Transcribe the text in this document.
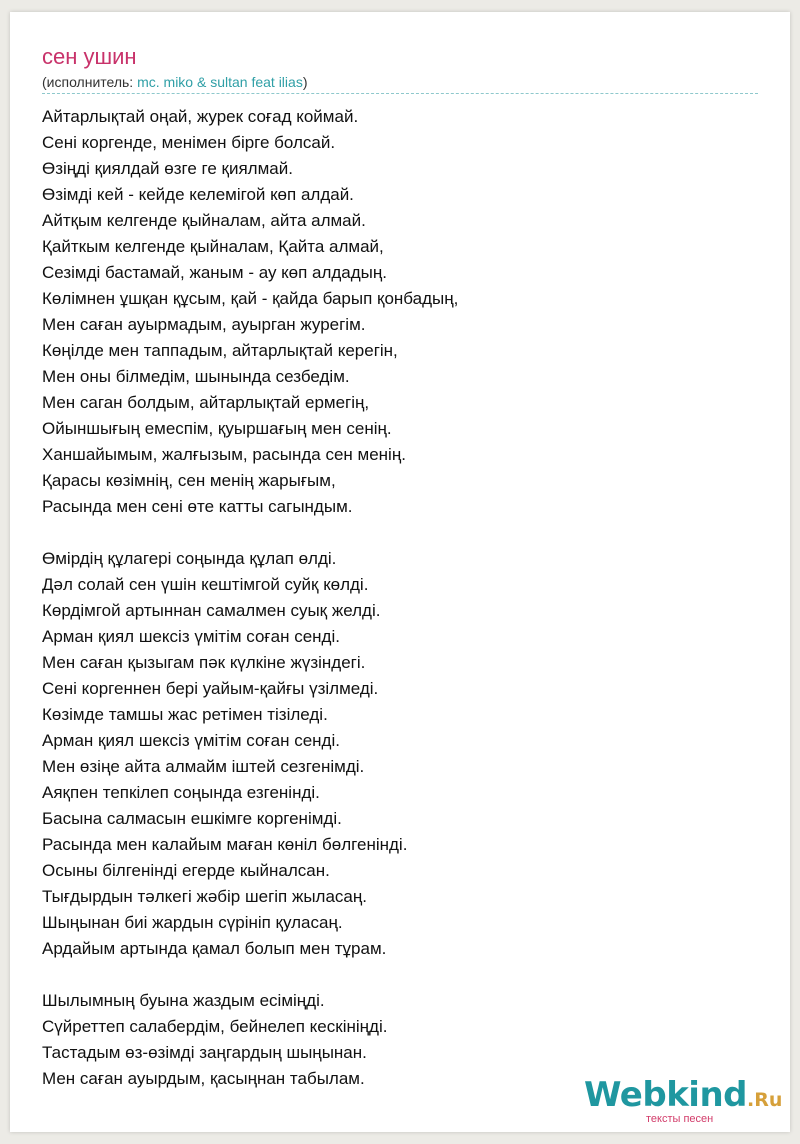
сен ушин
(исполнитель: mc. miko & sultan feat ilias)
Айтарлықтай оңай, журек соғад коймай.
Сені коргенде, менімен бірге болсай.
Өзіңді қиялдай өзге ге қиялмай.
Өзімді кей - кейде келемігой көп алдай.
Айтқым келгенде қыйналам, айта алмай.
Қайткым келгенде қыйналам, Қайта алмай,
Сезімді бастамай, жаным - ау көп алдадың.
Көлімнен ұшқан құсым, қай - қайда барып қонбадың,
Мен саған ауырмадым, ауырган журегім.
Көңілде мен таппадым, айтарлықтай керегін,
Мен оны білмедім, шынында сезбедім.
Мен саган болдым, айтарлықтай ермегің,
Ойыншығың емеспім, қуыршағың мен сенің.
Ханшайымым, жалғызым, расында сен менің.
Қарасы көзімнің, сен менің жарығым,
Расында мен сені өте катты сагындым.
Өмірдің құлагері соңында құлап өлді.
Дәл солай сен үшін кештімгой суйқ көлді.
Көрдімгой артыннан самалмен суық желді.
Арман қиял шексіз үмітім соған сенді.
Мен саған қызыгам пәк күлкіне жүзіндегі.
Сені коргеннен бері уайым-қайғы үзілмеді.
Көзімде тамшы жас ретімен тізіледі.
Арман қиял шексіз үмітім соған сенді.
Мен өзіңе айта алмайм іштей сезгенімді.
Аяқпен тепкілеп соңында езгенінді.
Басына салмасын ешкімге коргенімді.
Расында мен калайым маған көніл бөлгенінді.
Осыны білгенінді егерде кыйналсан.
Тығдырдын тәлкегі жәбір шегіп жыласаң.
Шыңынан биі жардын сүрініп қуласаң.
Ардайым артында қамал болып мен тұрам.
Шылымның буына жаздым есіміңді.
Сүйреттеп салабердім, бейнелеп кескініңді.
Тастадым өз-өзімді заңгардың шыңынан.
Мен саған ауырдым, қасыңнан табылам.	Webkind.Ru
тексты песен
